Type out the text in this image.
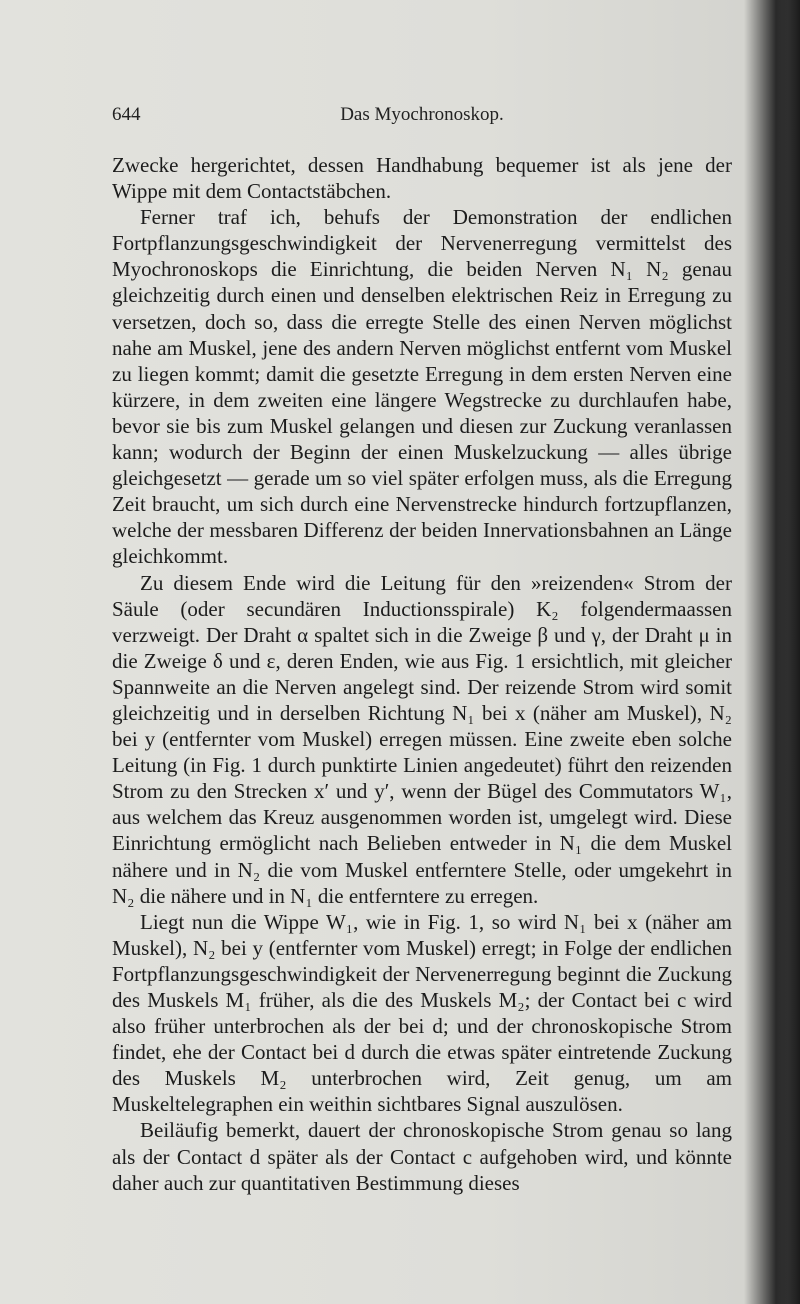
644	Das Myochronoskop.

Zwecke hergerichtet, dessen Handhabung bequemer ist als jene der Wippe mit dem Contactstäbchen.

Ferner traf ich, behufs der Demonstration der endlichen Fortpflanzungsgeschwindigkeit der Nervenerregung vermittelst des Myochronoskops die Einrichtung, die beiden Nerven N₁ N₂ genau gleichzeitig durch einen und denselben elektrischen Reiz in Erregung zu versetzen, doch so, dass die erregte Stelle des einen Nerven möglichst nahe am Muskel, jene des andern Nerven möglichst entfernt vom Muskel zu liegen kommt; damit die gesetzte Erregung in dem ersten Nerven eine kürzere, in dem zweiten eine längere Wegstrecke zu durchlaufen habe, bevor sie bis zum Muskel gelangen und diesen zur Zuckung veranlassen kann; wodurch der Beginn der einen Muskelzuckung — alles übrige gleichgesetzt — gerade um so viel später erfolgen muss, als die Erregung Zeit braucht, um sich durch eine Nervenstrecke hindurch fortzupflanzen, welche der messbaren Differenz der beiden Innervationsbahnen an Länge gleichkommt.

Zu diesem Ende wird die Leitung für den »reizenden« Strom der Säule (oder secundären Inductionsspirale) K₂ folgendermaassen verzweigt. Der Draht α spaltet sich in die Zweige β und γ, der Draht μ in die Zweige δ und ε, deren Enden, wie aus Fig. 1 ersichtlich, mit gleicher Spannweite an die Nerven angelegt sind. Der reizende Strom wird somit gleichzeitig und in derselben Richtung N₁ bei x (näher am Muskel), N₂ bei y (entfernter vom Muskel) erregen müssen. Eine zweite eben solche Leitung (in Fig. 1 durch punktirte Linien angedeutet) führt den reizenden Strom zu den Strecken x′ und y′, wenn der Bügel des Commutators W₁, aus welchem das Kreuz ausgenommen worden ist, umgelegt wird. Diese Einrichtung ermöglicht nach Belieben entweder in N₁ die dem Muskel nähere und in N₂ die vom Muskel entferntere Stelle, oder umgekehrt in N₂ die nähere und in N₁ die entferntere zu erregen.

Liegt nun die Wippe W₁, wie in Fig. 1, so wird N₁ bei x (näher am Muskel), N₂ bei y (entfernter vom Muskel) erregt; in Folge der endlichen Fortpflanzungsgeschwindigkeit der Nervenerregung beginnt die Zuckung des Muskels M₁ früher, als die des Muskels M₂; der Contact bei c wird also früher unterbrochen als der bei d; und der chronoskopische Strom findet, ehe der Contact bei d durch die etwas später eintretende Zuckung des Muskels M₂ unterbrochen wird, Zeit genug, um am Muskeltelegraphen ein weithin sichtbares Signal auszulösen.

Beiläufig bemerkt, dauert der chronoskopische Strom genau so lang als der Contact d später als der Contact c aufgehoben wird, und könnte daher auch zur quantitativen Bestimmung dieses
